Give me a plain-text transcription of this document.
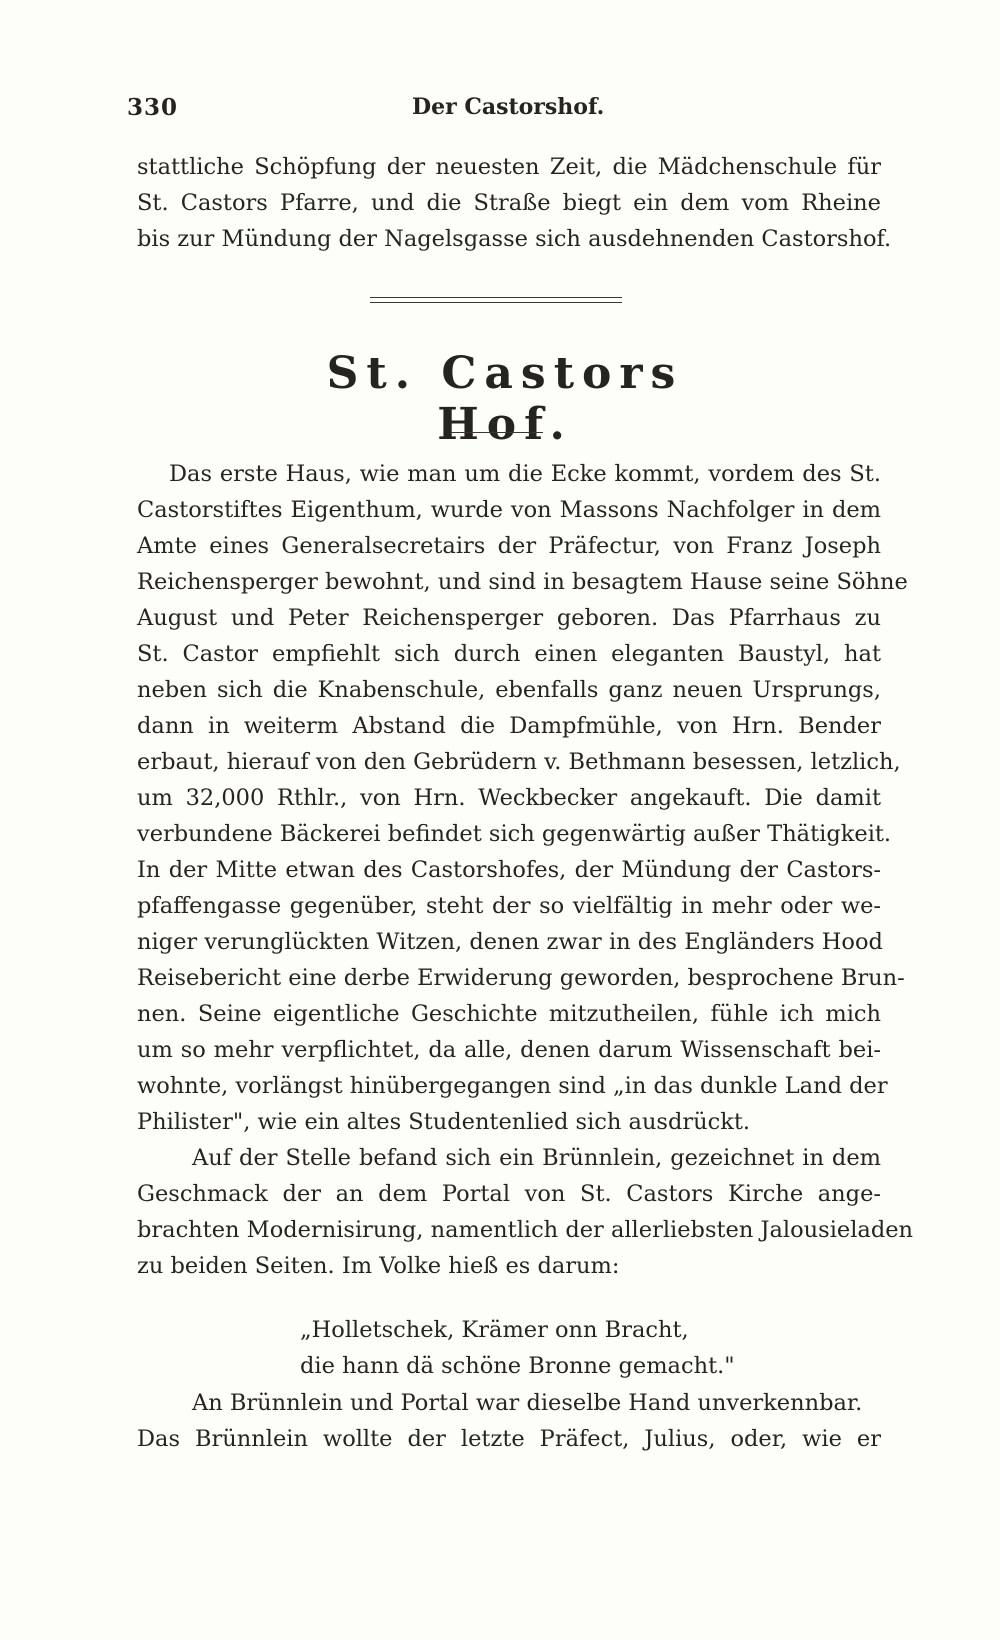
330	Der Castorshof.
stattliche Schöpfung der neuesten Zeit, die Mädchenschule für
St. Castors Pfarre, und die Straße biegt ein dem vom Rheine
bis zur Mündung der Nagelsgasse sich ausdehnenden Castorshof.
St. Castors Hof.
Das erste Haus, wie man um die Ecke kommt, vordem des St.
Castorstiftes Eigenthum, wurde von Massons Nachfolger in dem
Amte eines Generalsecretairs der Präfectur, von Franz Joseph
Reichensperger bewohnt, und sind in besagtem Hause seine Söhne
August und Peter Reichensperger geboren. Das Pfarrhaus zu
St. Castor empfiehlt sich durch einen eleganten Baustyl, hat
neben sich die Knabenschule, ebenfalls ganz neuen Ursprungs,
dann in weiterm Abstand die Dampfmühle, von Hrn. Bender
erbaut, hierauf von den Gebrüdern v. Bethmann besessen, letzlich,
um 32,000 Rthlr., von Hrn. Weckbecker angekauft. Die damit
verbundene Bäckerei befindet sich gegenwärtig außer Thätigkeit.
In der Mitte etwan des Castorshofes, der Mündung der Castors-
pfaffengasse gegenüber, steht der so vielfältig in mehr oder we-
niger verunglückten Witzen, denen zwar in des Engländers Hood
Reisebericht eine derbe Erwiderung geworden, besprochene Brun-
nen. Seine eigentliche Geschichte mitzutheilen, fühle ich mich
um so mehr verpflichtet, da alle, denen darum Wissenschaft bei-
wohnte, vorlängst hinübergegangen sind „in das dunkle Land der
Philister", wie ein altes Studentenlied sich ausdrückt.
Auf der Stelle befand sich ein Brünnlein, gezeichnet in dem
Geschmack der an dem Portal von St. Castors Kirche ange-
brachten Modernisirung, namentlich der allerliebsten Jalousieladen
zu beiden Seiten. Im Volke hieß es darum:
„Holletschek, Krämer onn Bracht,
die hann dä schöne Bronne gemacht."
An Brünnlein und Portal war dieselbe Hand unverkennbar.
Das Brünnlein wollte der letzte Präfect, Julius, oder, wie er
